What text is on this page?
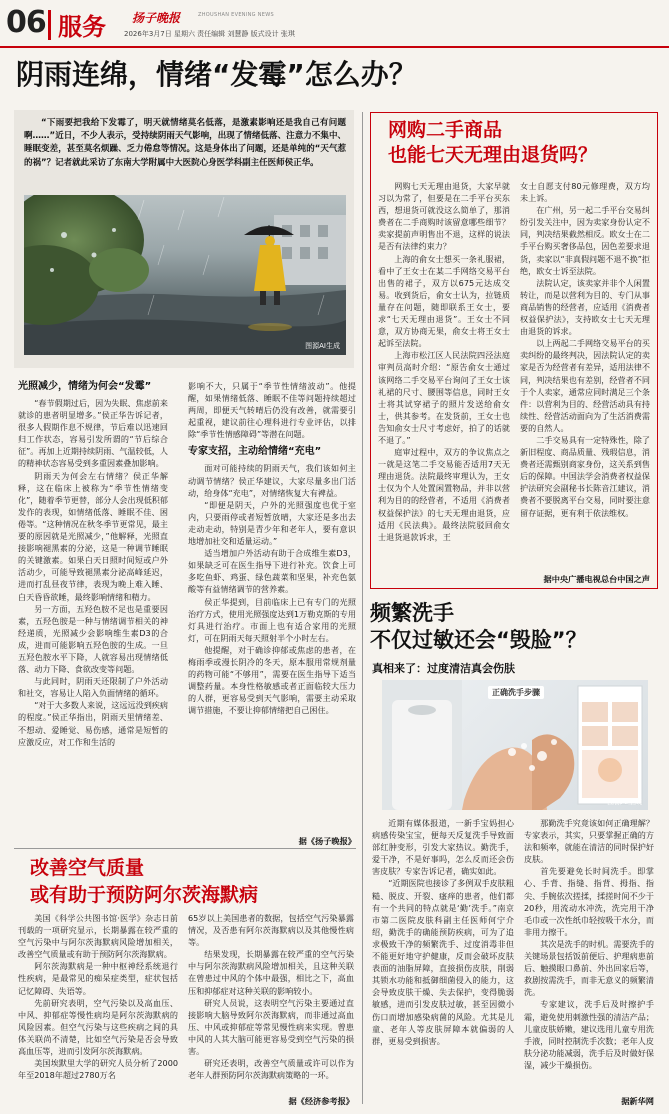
06 服务 扬子晚报	ZHOUSHAN EVENING NEWS
2026年3月7日 星期六 责任编辑 刘慧静 版式设计 张琪
阴雨连绵，情绪“发霉”怎么办？

“下雨要把我给下发霉了，明天就情绪莫名低落，是激素影响还是我自己有问题啊……”近日，不少人表示，受持续阴雨天气影响，出现了情绪低落、注意力不集中、睡眠变差，甚至莫名烦躁、乏力倦怠等情况。这是身体出了问题，还是单纯的“天气惹的祸”？记者就此采访了东南大学附属中大医院心身医学科副主任医师侯正华。

图源AI生成
光照减少，情绪为何会“发霉”

“春节假期过后，因为失眠、焦虑前来就诊的患者明显增多。”侯正华告诉记者，很多人假期作息不规律，节后难以迅速回归工作状态，容易引发所谓的“节后综合征”。再加上近期持续阴雨、气温较低，人的精神状态容易受到多重因素叠加影响。

阴雨天为何会左右情绪？侯正华解释，这在临床上被称为“季节性情绪变化”，随着季节更替，部分人会出现低积郁发作的表现，如情绪低落、睡眠不佳、困倦等。“这种情况在秋冬季节更常见，最主要的原因就是光照减少，”他解释，光照直接影响褪黑素的分泌，这是一种调节睡眠的关键激素。如果白天日照时间短或户外活动少，可能导致褪黑素分泌高峰延迟，进而打乱昼夜节律，表现为晚上难入睡、白天昏昏欲睡，最终影响情绪和精力。

另一方面，五羟色胺不足也是重要因素，五羟色胺是一种与情绪调节相关的神经递质，光照减少会影响维生素D3的合成，进而可能影响五羟色胺的生成。一旦五羟色胺水平下降，人就容易出现情绪低落、动力下降、食欲改变等问题。

与此同时，阴雨天还限制了户外活动和社交，容易让人陷入负面情绪的循环。

“对于大多数人来说，这远远没到疾病的程度。”侯正华指出，阴雨天里情绪差、不想动、爱睡觉、易伤感，通常是短暂的应激反应，对工作和生活的

影响不大，只属于“季节性情绪波动”。他提醒，如果情绪低落、睡眠不佳等问题持续超过两周，即便天气转晴后仍没有改善，就需要引起重视，建议前往心理科进行专业评估，以排除“季节性情感障碍”等潜在问题。

专家支招，主动给情绪“充电”

面对可能持续的阴雨天气，我们该如何主动调节情绪？侯正华建议，大家尽量多出门活动，给身体“充电”，对情绪恢复大有裨益。

“即便是阴天，户外的光照强度也优于室内，只要雨停或者短暂放晴，大家还是多出去走动走动，特别是青少年和老年人，要有意识地增加社交和适量运动。”

适当增加户外活动有助于合成维生素D3，如果缺乏可在医生指导下进行补充。饮食上可多吃鱼虾、鸡蛋、绿色蔬菜和坚果，补充色氨酸等有益情绪调节的营养素。

侯正华提到，目前临床上已有专门的光照治疗方式，使用光照强度达到1万勒克斯的专用灯具进行治疗。市面上也有适合家用的光照灯，可在阴雨天每天照射半个小时左右。

他提醒，对于确诊抑郁或焦虑的患者，在梅雨季或漫长阴冷的冬天，原本服用常规剂量的药物可能“不够用”，需要在医生指导下适当调整药量。本身性格敏感或者正面临较大压力的人群，更容易受到天气影响，需要主动采取调节措施，不要让抑郁情绪把自己困住。

据《扬子晚报》
网购二手商品
也能七天无理由退货吗？

网购七天无理由退货，大家早就习以为常了，但要是在二手平台买东西，想退货可就没这么简单了，那消费者在二手商购时该留意哪些细节？卖家提前声明售出不退，这样的说法是否有法律约束力？

上海的俞女士想买一条礼服裙，看中了王女士在某二手网络交易平台出售的裙子，双方以675元达成交易。收到货后，俞女士认为，拉链质量存在问题，随即联系王女士，要求“七天无理由退货”。王女士不同意，双方协商无果，俞女士将王女士起诉至法院。

上海市松江区人民法院四泾法庭审判员高时介绍：“原告俞女士通过该网络二手交易平台询问了王女士该礼裙的尺寸、腰围等信息，同时王女士将其试穿裙子的照片发送给俞女士，供其参考。在发货前，王女士也告知俞女士尺寸考虑好，拍了的话就不退了。”

庭审过程中，双方的争议焦点之一就是这笔二手交易能否适用7天无理由退货。法院最终审理认为，王女士仅为个人处置闲置物品，并非以营利为目的的经营者，不适用《消费者权益保护法》的七天无理由退货，应适用《民法典》。最终法院驳回俞女士退货退款诉求，王

女士自愿支付80元修理费，双方均未上诉。

在广州，另一起二手平台交易纠纷引发关注中，因为卖家身份认定不同，判决结果截然相反。欧女士在二手平台购买奢侈品包，因色差要求退货，卖家以“非真假问题不退不换”拒绝，欧女士诉至法院。

法院认定，该卖家并非个人闲置转让，而是以营利为目的、专门从事商品销售的经营者，应适用《消费者权益保护法》，支持欧女士七天无理由退货的诉求。

以上两起二手网络交易平台的买卖纠纷的最终判决，因法院认定的卖家是否为经营者有差异，适用法律不同，判决结果也有差别，经营者不同于个人卖家，通常应同时满足三个条件：以营利为目的、经营活动具有持续性、经营活动面向为了生活消费需要的自然人。

二手交易具有一定特殊性，除了新旧程度、商品质量、残瑕信息，消费者还需甄别商家身份，这关系到售后的保障。中国法学会消费者权益保护法研究会副秘书长陈音江建议，消费者不要脱离平台交易，同时要注意留存证据，更有利于依法维权。

据中央广播电视总台中国之声
频繁洗手
不仅过敏还会“毁脸”？
真相来了：过度清洁真会伤肤
正确洗手步骤
图源AI生成

近期有媒体报道，一新手宝妈担心病感传染宝宝，便每天反复洗手导致面部红肿变形，引发大家热议。勤洗手，爱干净，不是好事吗，怎么反而还会伤害皮肤？专家告诉记者，确实如此。

“近期医院也接诊了多例双手皮肤粗糙、脱皮、开裂、瘙痒的患者，他们都有一个共同的特点就是‘勤’洗手。”南京市第二医院皮肤科副主任医师何宁介绍，勤洗手的确能预防疾病，可为了追求极致干净的频繁洗手、过度消毒非但不能更好地守护健康，反而会破坏皮肤表面的油脂屏障，直接损伤皮肤，削弱其锁水功能和抵御细菌侵入的能力，这会导致皮肤干燥、失去保护，变得脆弱敏感，进而引发皮肤过敏，甚至因微小伤口而增加感染病菌的风险。尤其是儿童、老年人等皮肤屏障本就偏弱的人群，更易受到损害。

那勤洗手究竟该如何正确理解？专家表示，其实，只要掌握正确的方法和频率，就能在清洁的同时保护好皮肤。

首先要避免长时间洗手。即掌心、手背、指缝、指背、拇指、指尖、手腕依次搓揉，揉搓时间不少于20秒，用流动水冲洗，洗完用干净毛巾或一次性纸巾轻按吸干水分，而非用力擦干。

其次是洗手的时机。需要洗手的关键场景包括饭前便后、护理病患前后、触摸眼口鼻前、外出回家后等，救剧按需洗手，而非无意义的频繁清洗。

专家建议，洗手后及时擦护手霜，避免使用刺激性强的清洁产品；儿童皮肤娇嫩，建议选用儿童专用洗手液，同时控制洗手次数；老年人皮肤分泌功能减弱，洗手后及时做好保湿，减少干燥损伤。

据新华网
改善空气质量
或有助于预防阿尔茨海默病

美国《科学公共图书馆·医学》杂志日前刊载的一项研究显示，长期暴露在较严重的空气污染中与阿尔茨海默病风险增加相关，改善空气质量或有助于预防阿尔茨海默病。

阿尔茨海默病是一种中枢神经系统退行性疾病，是最常见的痴呆症类型，症状包括记忆障碍、失语等。

先前研究表明，空气污染以及高血压、中风、抑郁症等慢性病均是阿尔茨海默病的风险因素。但空气污染与这些疾病之间的具体关联尚不清楚，比如空气污染是否会导致高血压等，进而引发阿尔茨海默病。

美国埃默里大学的研究人员分析了2000年至2018年超过2780万名

65岁以上美国患者的数据，包括空气污染暴露情况，及否患有阿尔茨海默病以及其他慢性病等。

结果发现，长期暴露在较严重的空气污染中与阿尔茨海默病风险增加相关，且这种关联在曾患过中风的个体中最强，相比之下，高血压和抑郁症对这种关联的影响较小。

研究人员说，这表明空气污染主要通过直接影响大脑导致阿尔茨海默病，而非通过高血压、中风或抑郁症等常见慢性病来实现。曾患中风的人其大脑可能更容易受到空气污染的损害。

研究还表明，改善空气质量或许可以作为老年人群预防阿尔茨海默病策略的一环。

据《经济参考报》
